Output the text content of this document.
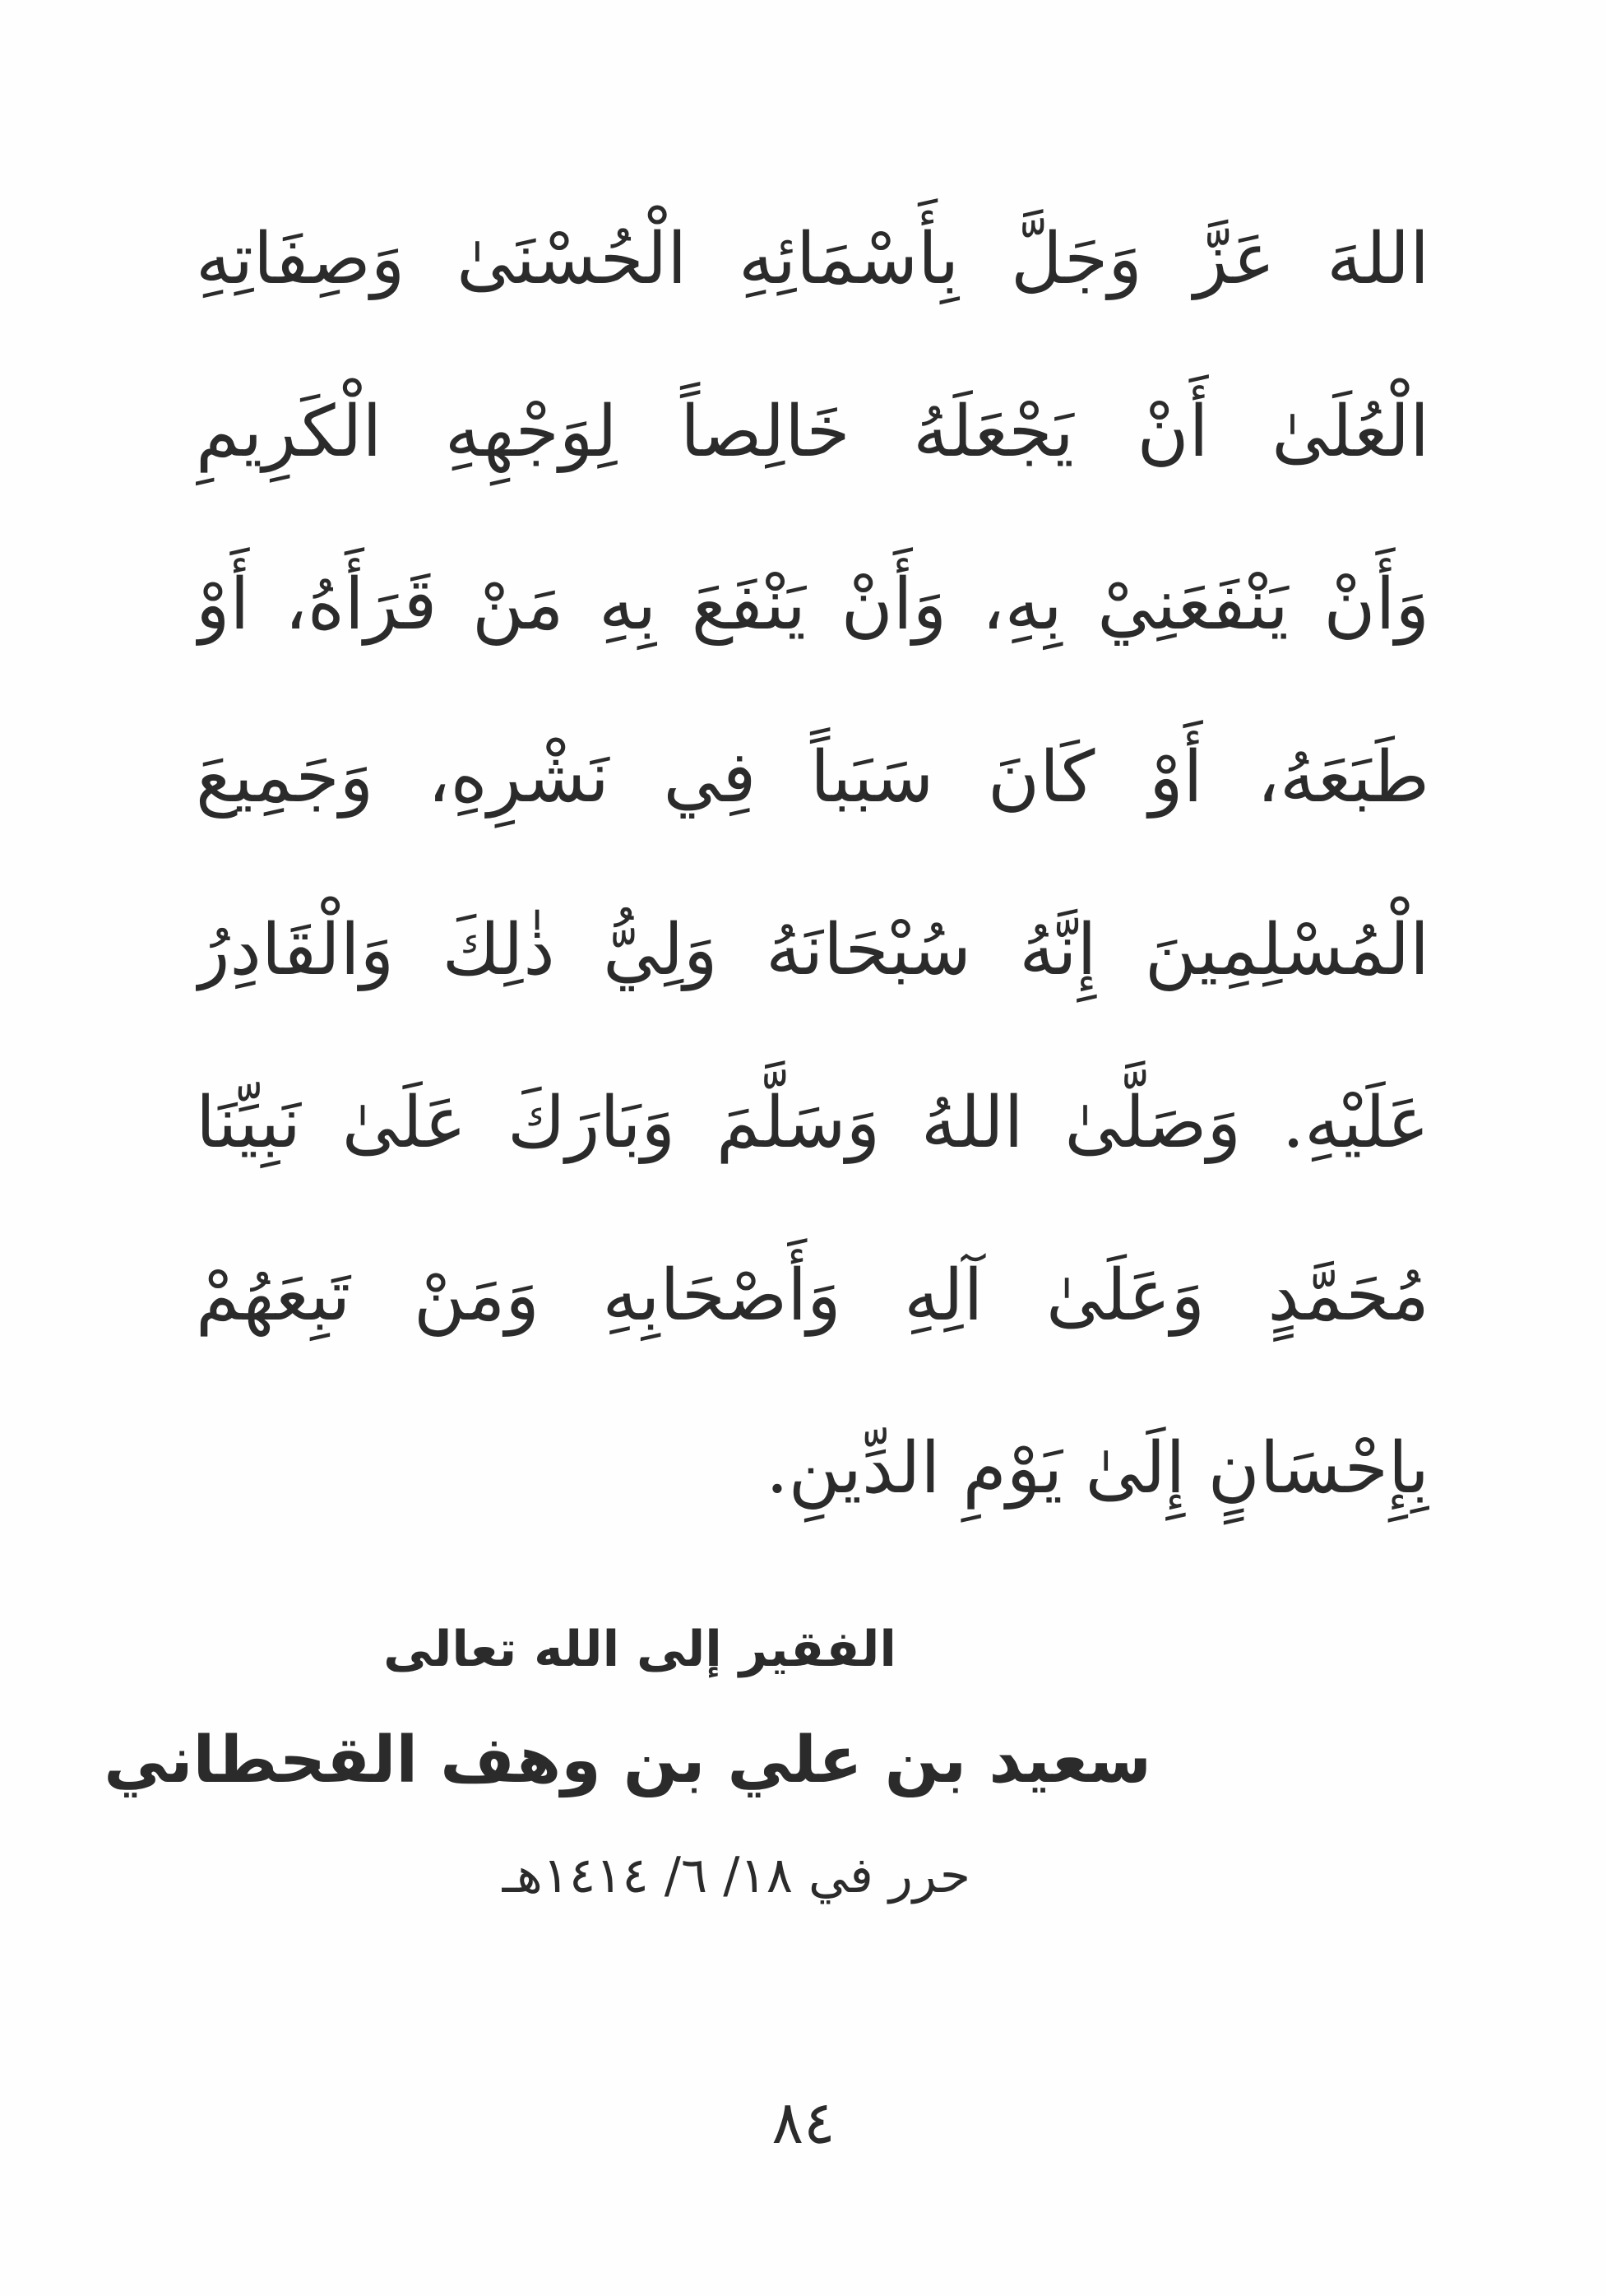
اللهَ عَزَّ وَجَلَّ بِأَسْمَائِهِ الْحُسْنَىٰ وَصِفَاتِهِ
الْعُلَىٰ أَنْ يَجْعَلَهُ خَالِصاً لِوَجْهِهِ الْكَرِيمِ
وَأَنْ يَنْفَعَنِيْ بِهِ، وَأَنْ يَنْفَعَ بِهِ مَنْ قَرَأَهُ، أَوْ
طَبَعَهُ، أَوْ كَانَ سَبَباً فِي نَشْرِهِ، وَجَمِيعَ
الْمُسْلِمِينَ إِنَّهُ سُبْحَانَهُ وَلِيُّ ذٰلِكَ وَالْقَادِرُ
عَلَيْهِ. وَصَلَّىٰ اللهُ وَسَلَّمَ وَبَارَكَ عَلَىٰ نَبِيِّنَا
مُحَمَّدٍ وَعَلَىٰ آلِهِ وَأَصْحَابِهِ وَمَنْ تَبِعَهُمْ
بِإِحْسَانٍ إِلَىٰ يَوْمِ الدِّينِ.
الفقير إلى الله تعالى
سعيد بن علي بن وهف القحطاني
حرر في ١٨/ ٦/ ١٤١٤هـ
٨٤
